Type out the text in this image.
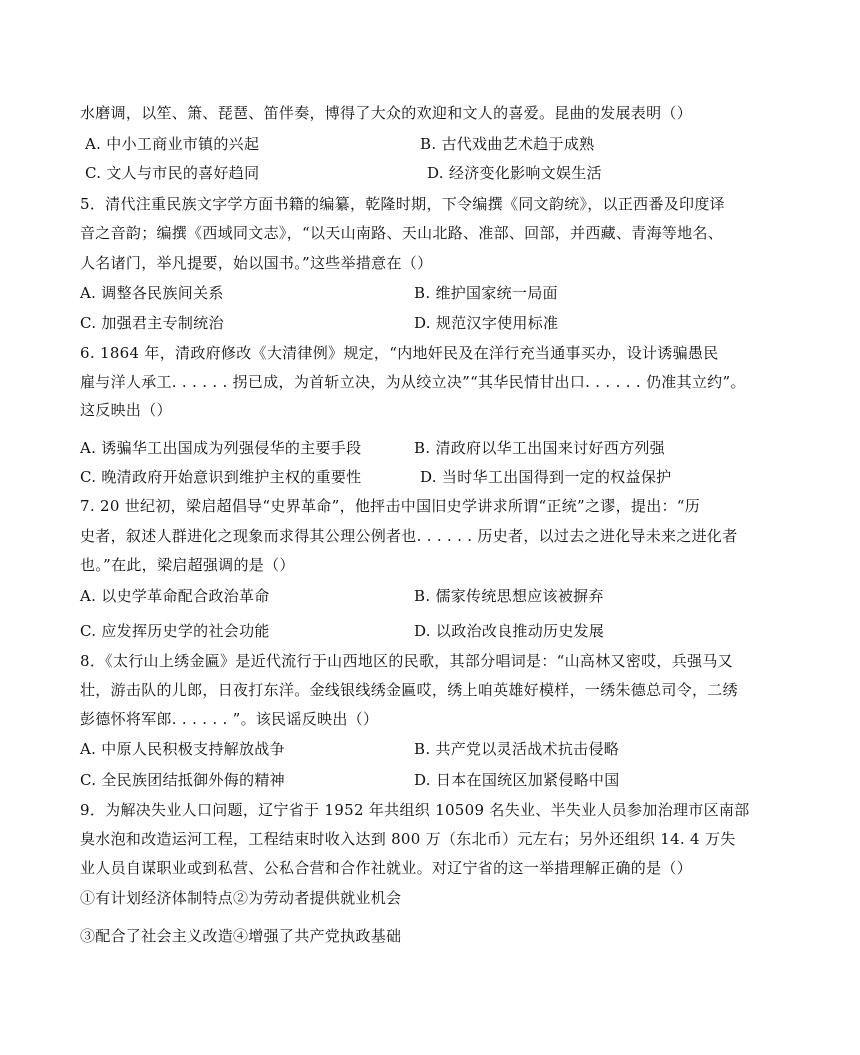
水磨调，以笙、箫、琵琶、笛伴奏，博得了大众的欢迎和文人的喜爱。昆曲的发展表明（）
A. 中小工商业市镇的兴起	B. 古代戏曲艺术趋于成熟
C. 文人与市民的喜好趋同	D. 经济变化影响文娱生活
5．清代注重民族文字学方面书籍的编纂，乾隆时期，下令编撰《同文韵统》，以正西番及印度译
音之音韵；编撰《西域同文志》，“以天山南路、天山北路、准部、回部，并西藏、青海等地名、
人名诸门，举凡提要，始以国书。”这些举措意在（）
A. 调整各民族间关系	B. 维护国家统一局面
C. 加强君主专制统治	D. 规范汉字使用标准
6. 1864 年，清政府修改《大清律例》规定，“内地奸民及在洋行充当通事买办，设计诱骗愚民
雇与洋人承工. . . . . . 拐已成，为首斩立决，为从绞立决”“其华民情甘出口. . . . . . 仍准其立约”。
这反映出（）
A. 诱骗华工出国成为列强侵华的主要手段	B. 清政府以华工出国来讨好西方列强
C. 晚清政府开始意识到维护主权的重要性	D. 当时华工出国得到一定的权益保护
7. 20 世纪初，梁启超倡导“史界革命”，他抨击中国旧史学讲求所谓“正统”之谬，提出：“历
史者，叙述人群进化之现象而求得其公理公例者也. . . . . . 历史者，以过去之进化导未来之进化者
也。”在此，梁启超强调的是（）
A. 以史学革命配合政治革命	B. 儒家传统思想应该被摒弃
C. 应发挥历史学的社会功能	D. 以政治改良推动历史发展
8．《太行山上绣金匾》是近代流行于山西地区的民歌，其部分唱词是：“山高林又密哎，兵强马又
壮，游击队的儿郎，日夜打东洋。金线银线绣金匾哎，绣上咱英雄好模样，一绣朱德总司令，二绣
彭德怀将军郎. . . . . . ”。该民谣反映出（）
A. 中原人民积极支持解放战争	B. 共产党以灵活战术抗击侵略
C. 全民族团结抵御外侮的精神	D. 日本在国统区加紧侵略中国
9．为解决失业人口问题，辽宁省于 1952 年共组织 10509 名失业、半失业人员参加治理市区南部
臭水泡和改造运河工程，工程结束时收入达到 800 万（东北币）元左右；另外还组织 14. 4 万失
业人员自谋职业或到私营、公私合营和合作社就业。对辽宁省的这一举措理解正确的是（）
①有计划经济体制特点②为劳动者提供就业机会
③配合了社会主义改造④增强了共产党执政基础
